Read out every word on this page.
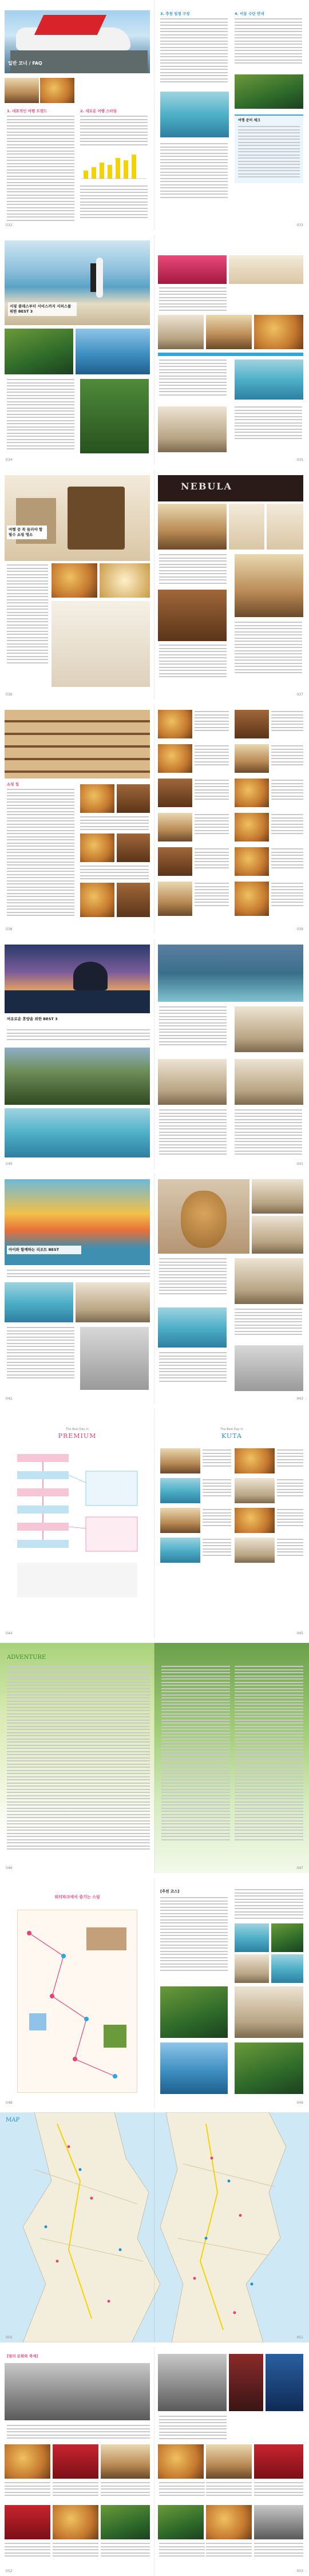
일반 코너 / FAQ
1. 대표적인 여행 트렌드	2. 새로운 여행 스타일
032
3. 추천 일정 구성	4. 이동 수단 안내
여행 준비 체크
033
서핑 클래스부터 서비스까지 서퍼스를 위한 BEST 3
034	035
여행 중 꼭 들러야 할 필수 쇼핑 명소
036
NEBULA
037
쇼핑 팁
038	039
여유로운 휴양을 위한 BEST 3
040	041
아이와 함께하는 리조트 BEST
042	043
The Best Day in
PREMIUM
044
The Best Day in
KUTA
045
ADVENTURE
046	047
워터파크에서 즐기는 스릴
048
[추천 코스]
049
MAP
050	051
[발리 문화와 축제]
052	053
